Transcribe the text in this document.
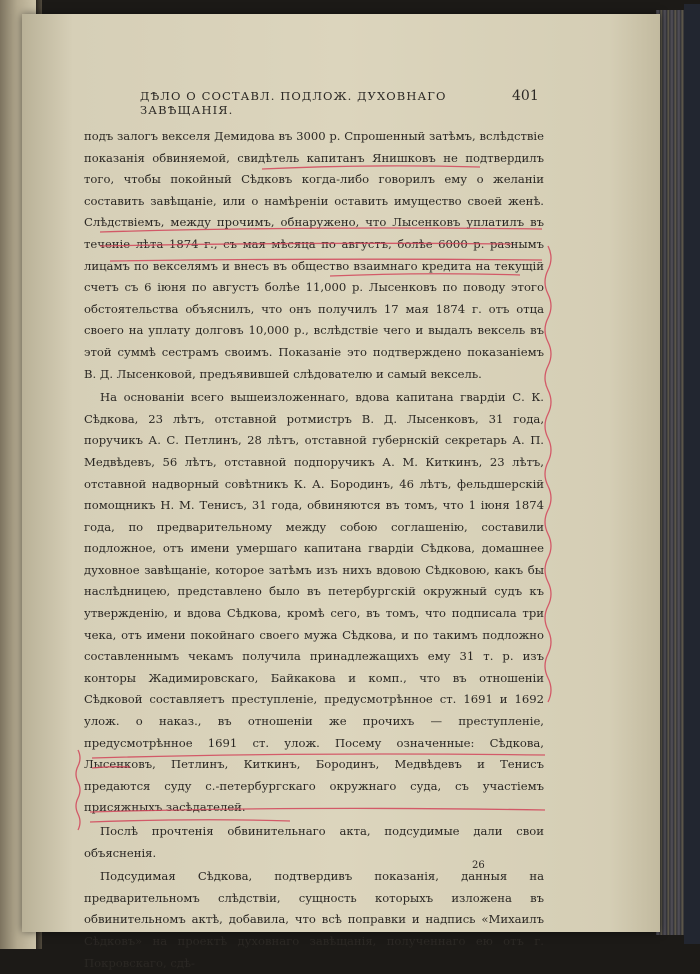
ДѢЛО О СОСТАВЛ. ПОДЛОЖ. ДУХОВНАГО ЗАВѢЩАНІЯ.
401

подъ залогъ векселя Демидова въ 3000 р. Спрошенный затѣмъ, вслѣдствіе показанія обвиняемой, свидѣтель капитанъ Янишковъ не подтвердилъ того, чтобы покойный Сѣдковъ когда-либо говорилъ ему о желаніи составить завѣщаніе, или о намѣреніи оставить имущество своей женѣ. Слѣдствіемъ, между прочимъ, обнаружено, что Лысенковъ уплатилъ въ теченіе лѣта 1874 г., съ мая мѣсяца по августъ, болѣе 6000 р. разнымъ лицамъ по векселямъ и внесъ въ общество взаимнаго кредита на текущій счетъ съ 6 іюня по августъ болѣе 11,000 р. Лысенковъ по поводу этого обстоятельства объяснилъ, что онъ получилъ 17 мая 1874 г. отъ отца своего на уплату долговъ 10,000 р., вслѣдствіе чего и выдалъ вексель въ этой суммѣ сестрамъ своимъ. Показаніе это подтверждено показаніемъ В. Д. Лысенковой, предъявившей слѣдователю и самый вексель.

На основаніи всего вышеизложеннаго, вдова капитана гвардіи С. К. Сѣдкова, 23 лѣтъ, отставной ротмистръ В. Д. Лысенковъ, 31 года, поручикъ А. С. Петлинъ, 28 лѣтъ, отставной губернскій секретарь А. П. Медвѣдевъ, 56 лѣтъ, отставной подпоручикъ А. М. Киткинъ, 23 лѣтъ, отставной надворный совѣтникъ К. А. Бородинъ, 46 лѣтъ, фельдшерскій помощникъ Н. М. Тенисъ, 31 года, обвиняются въ томъ, что 1 іюня 1874 года, по предварительному между собою соглашенію, составили подложное, отъ имени умершаго капитана гвардіи Сѣдкова, домашнее духовное завѣщаніе, которое затѣмъ изъ нихъ вдовою Сѣдковою, какъ бы наслѣдницею, представлено было въ петербургскій окружный судъ къ утвержденію, и вдова Сѣдкова, кромѣ сего, въ томъ, что подписала три чека, отъ имени покойнаго своего мужа Сѣдкова, и по такимъ подложно составленнымъ чекамъ получила принадлежащихъ ему 31 т. р. изъ конторы Жадимировскаго, Байкакова и комп., что въ отношеніи Сѣдковой составляетъ преступленіе, предусмотрѣнное ст. 1691 и 1692 улож. о наказ., въ отношеніи же прочихъ — преступленіе, предусмотрѣнное 1691 ст. улож. Посему означенные: Сѣдкова, Лысенковъ, Петлинъ, Киткинъ, Бородинъ, Медвѣдевъ и Тенисъ предаются суду с.-петербургскаго окружнаго суда, съ участіемъ присяжныхъ засѣдателей.

Послѣ прочтенія обвинительнаго акта, подсудимые дали свои объясненія.

Подсудимая Сѣдкова, подтвердивъ показанія, данныя на предварительномъ слѣдствіи, сущность которыхъ изложена въ обвинительномъ актѣ, добавила, что всѣ поправки и надпись «Михаилъ Сѣдковъ» на проектѣ духовнаго завѣщанія, полученнаго ею отъ г. Покровскаго, сдѣ-

26
